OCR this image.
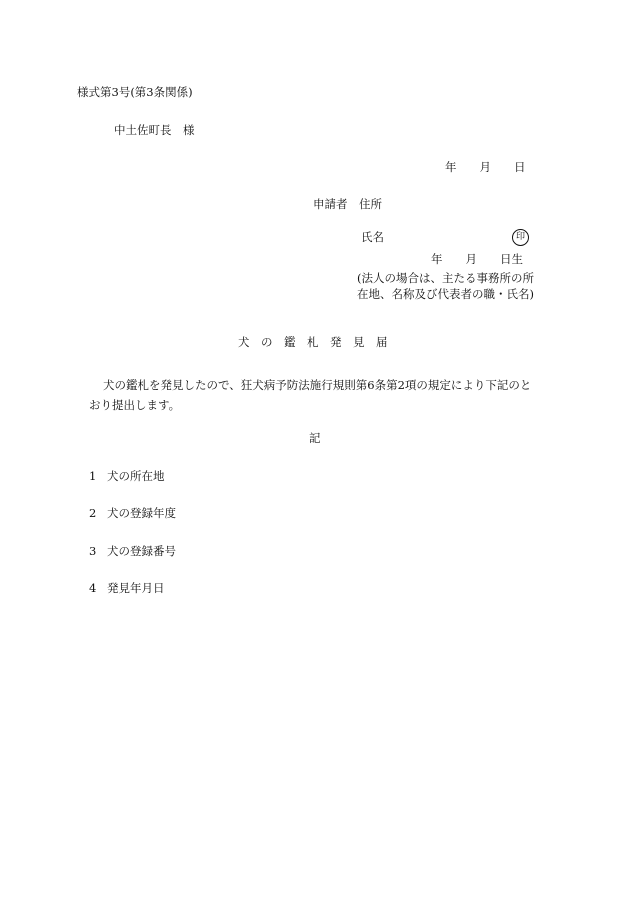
様式第3号(第3条関係)
中土佐町長　様
年　　月　　日
申請者　住所
氏名	印
年　　月　　日生
(法人の場合は、主たる事務所の所在地、名称及び代表者の職・氏名)
犬　の　鑑　札　発　見　届
犬の鑑札を発見したので、狂犬病予防法施行規則第6条第2項の規定により下記のとおり提出します。
記
1 犬の所在地
2 犬の登録年度
3 犬の登録番号
4 発見年月日
